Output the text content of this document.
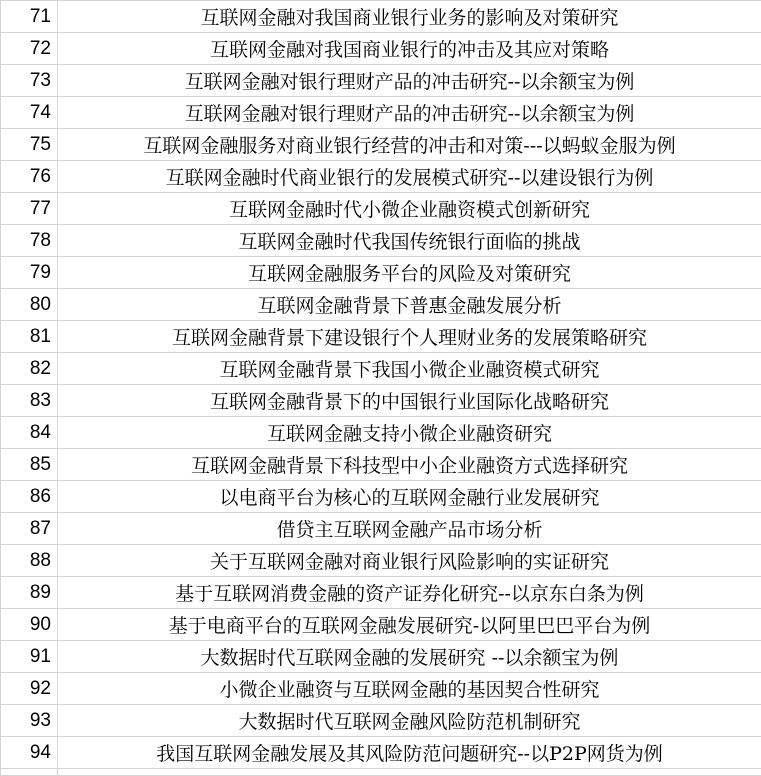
71	互联网金融对我国商业银行业务的影响及对策研究
72	互联网金融对我国商业银行的冲击及其应对策略
73	互联网金融对银行理财产品的冲击研究--以余额宝为例
74	互联网金融对银行理财产品的冲击研究--以余额宝为例
75	互联网金融服务对商业银行经营的冲击和对策---以蚂蚁金服为例
76	互联网金融时代商业银行的发展模式研究--以建设银行为例
77	互联网金融时代小微企业融资模式创新研究
78	互联网金融时代我国传统银行面临的挑战
79	互联网金融服务平台的风险及对策研究
80	互联网金融背景下普惠金融发展分析
81	互联网金融背景下建设银行个人理财业务的发展策略研究
82	互联网金融背景下我国小微企业融资模式研究
83	互联网金融背景下的中国银行业国际化战略研究
84	互联网金融支持小微企业融资研究
85	互联网金融背景下科技型中小企业融资方式选择研究
86	以电商平台为核心的互联网金融行业发展研究
87	借贷主互联网金融产品市场分析
88	关于互联网金融对商业银行风险影响的实证研究
89	基于互联网消费金融的资产证券化研究--以京东白条为例
90	基于电商平台的互联网金融发展研究-以阿里巴巴平台为例
91	大数据时代互联网金融的发展研究 --以余额宝为例
92	小微企业融资与互联网金融的基因契合性研究
93	大数据时代互联网金融风险防范机制研究
94	我国互联网金融发展及其风险防范问题研究--以P2P网货为例
